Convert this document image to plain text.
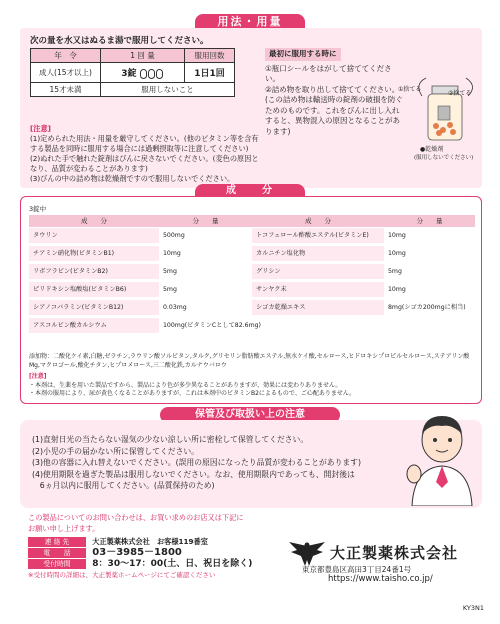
用法・用量
次の量を水又はぬるま湯で服用してください。
年　令	1 回 量	服用回数
成人(15才以上)	3錠	1日1回
15才未満	服用しないこと	
[注意]
(1)定められた用法・用量を厳守してください。(他のビタミン等を含有する製品を同時に服用する場合には過剰摂取等に注意してください)
(2)ぬれた手で触れた錠剤はびんに戻さないでください。(変色の原因となり、品質が変わることがあります)
(3)びんの中の詰め物は乾燥剤ですので服用しないでください。
最初に服用する時に
①瓶口シールをはがして捨ててください。
②詰め物を取り出して捨ててください。(この詰め物は輸送時の錠剤の破損を防ぐためのものです。これをびんに出し入れすると、異物混入の原因となることがあります)
①捨てる
②捨てる
●乾燥剤
(服用しないでください)
成　　分
3錠中
成　　分	分　　量	成　　分	分　　量
タウリン	500mg	トコフェロール酢酸エステル(ビタミンE)	10mg
チアミン硝化物(ビタミンB1)	10mg	カルニチン塩化物	10mg
リボフラビン(ビタミンB2)	5mg	グリシン	5mg
ピリドキシン塩酸塩(ビタミンB6)	5mg	サンヤク末	10mg
シアノコバラミン(ビタミンB12)	0.03mg	シゴカ乾燥エキス	8mg(シゴカ200mgに相当)
アスコルビン酸カルシウム	100mg(ビタミンCとして82.6mg)
添加物：二酸化ケイ素,白糖,ゼラチン,ラウリン酸ソルビタン,タルク,グリセリン脂肪酸エステル,無水ケイ酸,セルロース,ヒドロキシプロピルセルロース,ステアリン酸Mg,マクロゴール,酸化チタン,ヒプロメロース,三二酸化鉄,カルナウバロウ
[注意]
・本剤は、生薬を用いた製品ですから、製品により色が多少異なることがありますが、効果には変わりありません。
・本剤の服用により、尿が黄色くなることがありますが、これは本剤中のビタミンB2によるもので、ご心配ありません。
保管及び取扱い上の注意
(1)直射日光の当たらない湿気の少ない涼しい所に密栓して保管してください。
(2)小児の手の届かない所に保管してください。
(3)他の容器に入れ替えないでください。(誤用の原因になったり品質が変わることがあります)
(4)使用期限を過ぎた製品は服用しないでください。なお、使用期限内であっても、開封後は
　6ヵ月以内に服用してください。(品質保持のため)
この製品についてのお問い合わせは、お買い求めのお店又は下記にお願い申し上げます。
連 絡 先	大正製薬株式会社　お客様119番室
電　　話 03－3985－1800
受付時間 8：30～17：00(土、日、祝日を除く)
※受付時間の詳細は、大正製薬ホームページにてご確認ください
大正製薬株式会社
東京都豊島区高田3丁目24番1号
https://www.taisho.co.jp/
KY3N1
